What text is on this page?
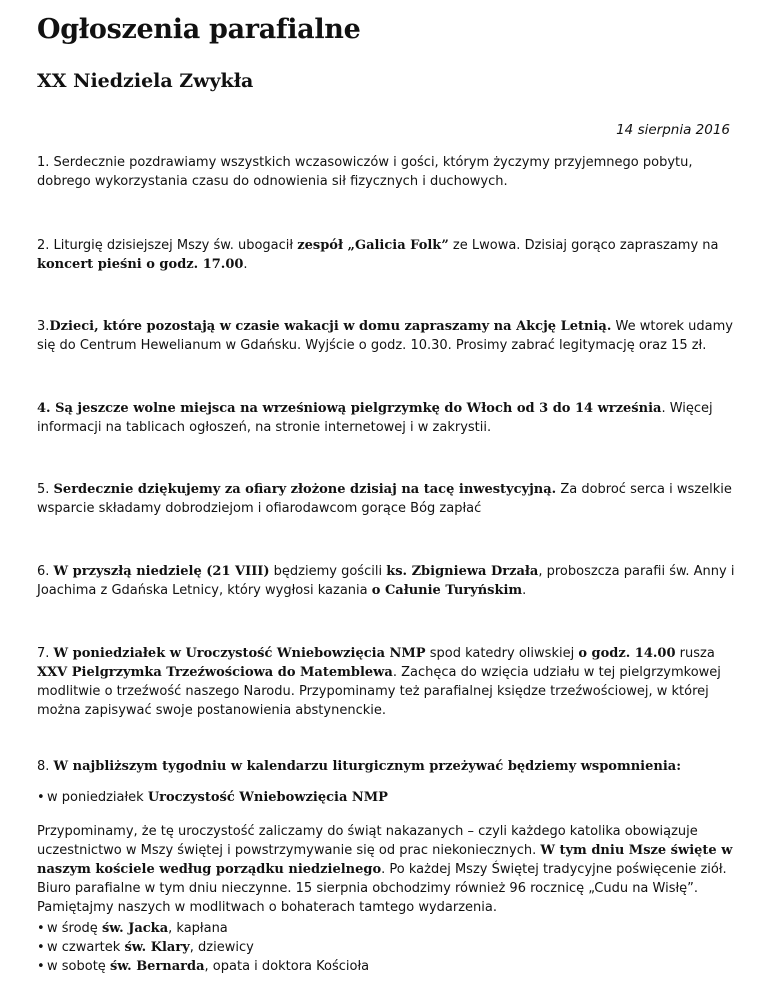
Ogłoszenia parafialne
XX Niedziela Zwykła
14 sierpnia 2016

1. Serdecznie pozdrawiamy wszystkich wczasowiczów i gości, którym życzymy przyjemnego pobytu, dobrego wykorzystania czasu do odnowienia sił fizycznych i duchowych.

2. Liturgię dzisiejszej Mszy św. ubogacił zespół „Galicia Folk” ze Lwowa. Dzisiaj gorąco zapraszamy na koncert pieśni o godz. 17.00.

3.Dzieci, które pozostają w czasie wakacji w domu zapraszamy na Akcję Letnią. We wtorek udamy się do Centrum Hewelianum w Gdańsku. Wyjście o godz. 10.30. Prosimy zabrać legitymację oraz 15 zł.

4. Są jeszcze wolne miejsca na wrześniową pielgrzymkę do Włoch od 3 do 14 września. Więcej informacji na tablicach ogłoszeń, na stronie internetowej i w zakrystii.

5. Serdecznie dziękujemy za ofiary złożone dzisiaj na tacę inwestycyjną. Za dobroć serca i wszelkie wsparcie składamy dobrodziejom i ofiarodawcom gorące Bóg zapłać

6. W przyszłą niedzielę (21 VIII) będziemy gościli ks. Zbigniewa Drzała, proboszcza parafii św. Anny i Joachima z Gdańska Letnicy, który wygłosi kazania o Całunie Turyńskim.

7. W poniedziałek w Uroczystość Wniebowzięcia NMP spod katedry oliwskiej o godz. 14.00 rusza XXV Pielgrzymka Trzeźwościowa do Matemblewa. Zachęca do wzięcia udziału w tej pielgrzymkowej modlitwie o trzeźwość naszego Narodu. Przypominamy też parafialnej księdze trzeźwościowej, w której można zapisywać swoje postanowienia abstynenckie.

8. W najbliższym tygodniu w kalendarzu liturgicznym przeżywać będziemy wspomnienia:

• w poniedziałek Uroczystość Wniebowzięcia NMP

Przypominamy, że tę uroczystość zaliczamy do świąt nakazanych – czyli każdego katolika obowiązuje uczestnictwo w Mszy świętej i powstrzymywanie się od prac niekoniecznych. W tym dniu Msze święte w naszym kościele według porządku niedzielnego. Po każdej Mszy Świętej tradycyjne poświęcenie ziół. Biuro parafialne w tym dniu nieczynne. 15 sierpnia obchodzimy również 96 rocznicę „Cudu na Wisłę”. Pamiętajmy naszych w modlitwach o bohaterach tamtego wydarzenia.

• w środę św. Jacka, kapłana
• w czwartek św. Klary, dziewicy
• w sobotę św. Bernarda, opata i doktora Kościoła
